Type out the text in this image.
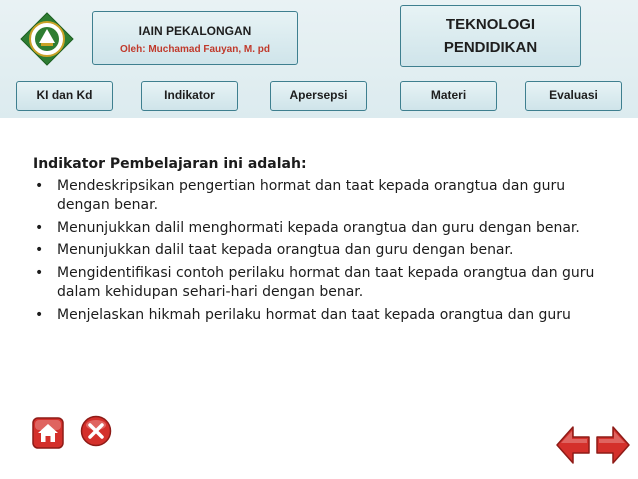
IAIN PEKALONGAN
Oleh: Muchamad Fauyan, M. pd
TEKNOLOGI PENDIDIKAN
KI dan Kd	Indikator	Apersepsi	Materi	Evaluasi
Indikator Pembelajaran ini adalah:
• Mendeskripsikan pengertian hormat dan taat kepada orangtua dan guru dengan benar.
• Menunjukkan dalil menghormati kepada orangtua dan guru dengan benar.
• Menunjukkan dalil taat kepada orangtua dan guru dengan benar.
• Mengidentifikasi contoh perilaku hormat dan taat kepada orangtua dan guru dalam kehidupan sehari-hari dengan benar.
• Menjelaskan hikmah perilaku hormat dan taat kepada orangtua dan guru
